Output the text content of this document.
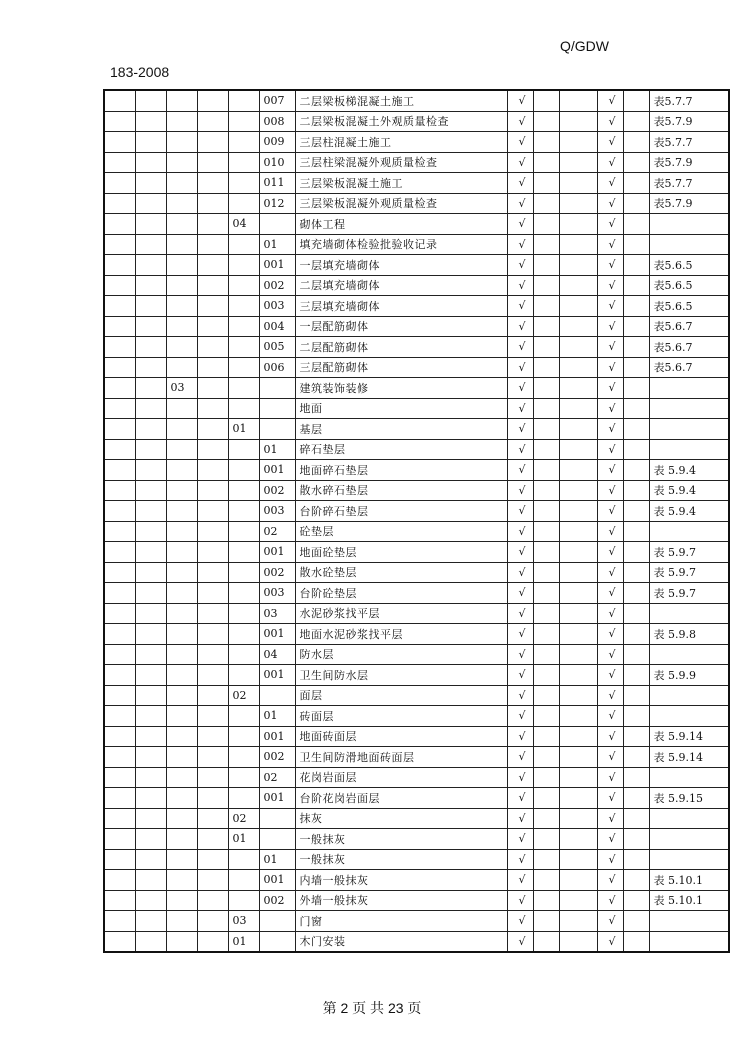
Q/GDW
183-2008
					007	二层梁板梯混凝土施工	√			√		表5.7.7
					008	二层梁板混凝土外观质量检查	√			√		表5.7.9
					009	三层柱混凝土施工	√			√		表5.7.7
					010	三层柱梁混凝外观质量检查	√			√		表5.7.9
					011	三层梁板混凝土施工	√			√		表5.7.7
					012	三层梁板混凝外观质量检查	√			√		表5.7.9
				04		砌体工程	√			√		
					01	填充墙砌体检验批验收记录	√			√		
					001	一层填充墙砌体	√			√		表5.6.5
					002	二层填充墙砌体	√			√		表5.6.5
					003	三层填充墙砌体	√			√		表5.6.5
					004	一层配筋砌体	√			√		表5.6.7
					005	二层配筋砌体	√			√		表5.6.7
					006	三层配筋砌体	√			√		表5.6.7
		03				建筑装饰装修	√			√		
						地面	√			√		
				01		基层	√			√		
					01	碎石垫层	√			√		
					001	地面碎石垫层	√			√		表 5.9.4
					002	散水碎石垫层	√			√		表 5.9.4
					003	台阶碎石垫层	√			√		表 5.9.4
					02	砼垫层	√			√		
					001	地面砼垫层	√			√		表 5.9.7
					002	散水砼垫层	√			√		表 5.9.7
					003	台阶砼垫层	√			√		表 5.9.7
					03	水泥砂浆找平层	√			√		
					001	地面水泥砂浆找平层	√			√		表 5.9.8
					04	防水层	√			√		
					001	卫生间防水层	√			√		表 5.9.9
				02		面层	√			√		
					01	砖面层	√			√		
					001	地面砖面层	√			√		表 5.9.14
					002	卫生间防滑地面砖面层	√			√		表 5.9.14
					02	花岗岩面层	√			√		
					001	台阶花岗岩面层	√			√		表 5.9.15
				02		抹灰	√			√		
				01		一般抹灰	√			√		
					01	一般抹灰	√			√		
					001	内墙一般抹灰	√			√		表 5.10.1
					002	外墙一般抹灰	√			√		表 5.10.1
				03		门窗	√			√		
				01		木门安装	√			√		
第 2 页 共 23 页
